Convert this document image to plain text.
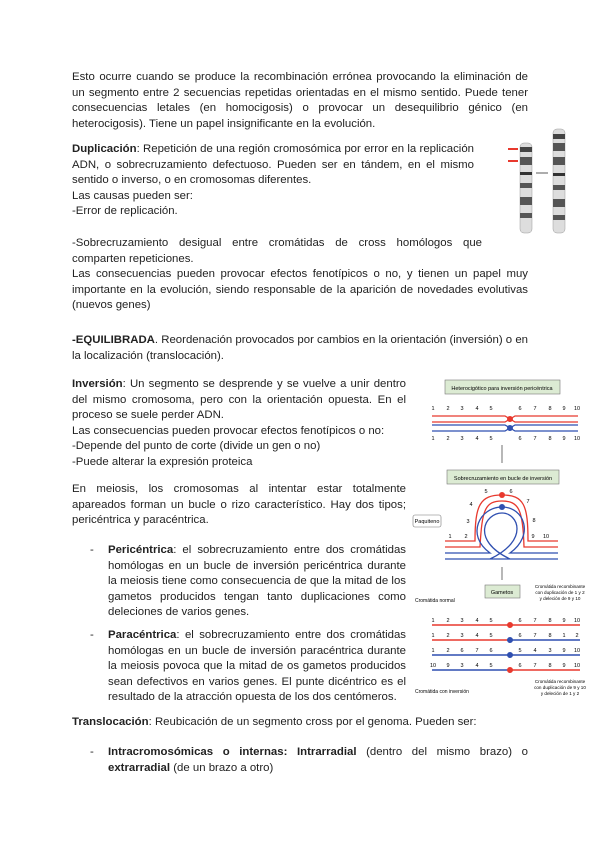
Esto ocurre cuando se produce la recombinación errónea provocando la eliminación de un segmento entre 2 secuencias repetidas orientadas en el mismo sentido. Puede tener consecuencias letales (en homocigosis) o provocar un desequilibrio génico (en heterocigosis). Tiene un papel insignificante en la evolución.

Duplicación: Repetición de una región cromosómica por error en la replicación ADN, o sobrecruzamiento defectuoso. Pueden ser en tándem, en el mismo sentido o inverso, o en cromosomas diferentes.

Las causas pueden ser:

-Error de replicación.

-Sobrecruzamiento desigual entre cromátidas de cross homólogos que comparten repeticiones.

Las consecuencias pueden provocar efectos fenotípicos o no, y tienen un papel muy importante en la evolución, siendo responsable de la aparición de novedades evolutivas (nuevos genes)

-EQUILIBRADA. Reordenación provocados por cambios en la orientación (inversión) o en la localización (translocación).

Inversión: Un segmento se desprende y se vuelve a unir dentro del mismo cromosoma, pero con la orientación opuesta. En el proceso se suele perder ADN.

Las consecuencias pueden provocar efectos fenotípicos o no:

-Depende del punto de corte (divide un gen o no)

-Puede alterar la expresión proteica

En meiosis, los cromosomas al intentar estar totalmente apareados forman un bucle o rizo característico. Hay dos tipos; pericéntrica y paracéntrica.

- Pericéntrica: el sobrecruzamiento entre dos cromátidas homólogas en un bucle de inversión pericéntrica durante la meiosis tiene como consecuencia de que la mitad de los gametos producidos tengan tanto duplicaciones como deleciones de varios genes.

- Paracéntrica: el sobrecruzamiento entre dos cromátidas homólogas en un bucle de inversión paracéntrica durante la meiosis povoca que la mitad de os gametos producidos sean defectivos en varios genes. El punte dicéntrico es el resultado de la atracción opuesta de los dos centómeros.

Translocación: Reubicación de un segmento cross por el genoma. Pueden ser:

- Intracromosómicas o internas: Intrarradial (dentro del mismo brazo) o extrarradial (de un brazo a otro)

Heterocigótico para inversión pericéntrica
1
1
2
2
3
3
4
4
5
5
6
6
7
7
8
8
9
9
10
10
Sobrecruzamiento en bucle de inversión
Paquiteno
1 2
3
4
5	6
7
8
9 10
Gametos
Cromátida normal
Cromátida con inversión
Cromátida recombinante
con duplicación de 1 y 2
y deleción de 9 y 10
Cromátida recombinante
con duplicación de 9 y 10
y deleción de 1 y 2
1 2 3 4 5	6 7 8 9 10
1 2 3 4 5	6 7 8 1 2
1 2 6 7 6	5 4 3 9 10
10 9 3 4 5	6 7 8 9 10
